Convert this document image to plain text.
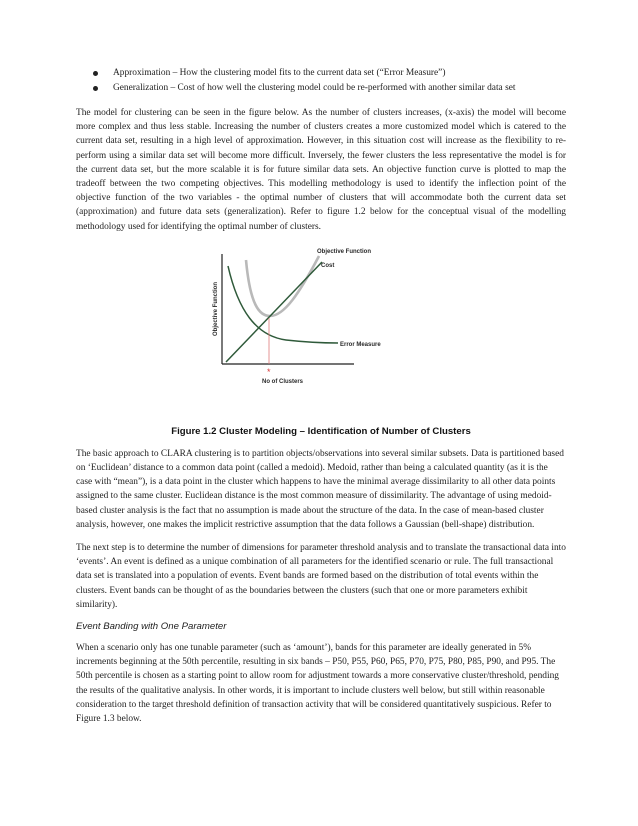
Approximation – How the clustering model fits to the current data set (“Error Measure”)
Generalization – Cost of how well the clustering model could be re-performed with another similar data set

The model for clustering can be seen in the figure below. As the number of clusters increases, (x-axis) the model will become more complex and thus less stable. Increasing the number of clusters creates a more customized model which is catered to the current data set, resulting in a high level of approximation. However, in this situation cost will increase as the flexibility to re-perform using a similar data set will become more difficult. Inversely, the fewer clusters the less representative the model is for the current data set, but the more scalable it is for future similar data sets. An objective function curve is plotted to map the tradeoff between the two competing objectives. This modelling methodology is used to identify the inflection point of the objective function of the two variables - the optimal number of clusters that will accommodate both the current data set (approximation) and future data sets (generalization). Refer to figure 1.2 below for the conceptual visual of the modelling methodology used for identifying the optimal number of clusters.

*
Objective Function
Cost
Error Measure
No of Clusters
Objective Function
Figure 1.2 Cluster Modeling – Identification of Number of Clusters

The basic approach to CLARA clustering is to partition objects/observations into several similar subsets. Data is partitioned based on ‘Euclidean’ distance to a common data point (called a medoid). Medoid, rather than being a calculated quantity (as it is the case with “mean”), is a data point in the cluster which happens to have the minimal average dissimilarity to all other data points assigned to the same cluster. Euclidean distance is the most common measure of dissimilarity. The advantage of using medoid-based cluster analysis is the fact that no assumption is made about the structure of the data. In the case of mean-based cluster analysis, however, one makes the implicit restrictive assumption that the data follows a Gaussian (bell-shape) distribution.

The next step is to determine the number of dimensions for parameter threshold analysis and to translate the transactional data into ‘events’. An event is defined as a unique combination of all parameters for the identified scenario or rule. The full transactional data set is translated into a population of events. Event bands are formed based on the distribution of total events within the clusters. Event bands can be thought of as the boundaries between the clusters (such that one or more parameters exhibit similarity).

Event Banding with One Parameter

When a scenario only has one tunable parameter (such as ‘amount’), bands for this parameter are ideally generated in 5% increments beginning at the 50th percentile, resulting in six bands – P50, P55, P60, P65, P70, P75, P80, P85, P90, and P95. The 50th percentile is chosen as a starting point to allow room for adjustment towards a more conservative cluster/threshold, pending the results of the qualitative analysis. In other words, it is important to include clusters well below, but still within reasonable consideration to the target threshold definition of transaction activity that will be considered quantitatively suspicious. Refer to Figure 1.3 below.
